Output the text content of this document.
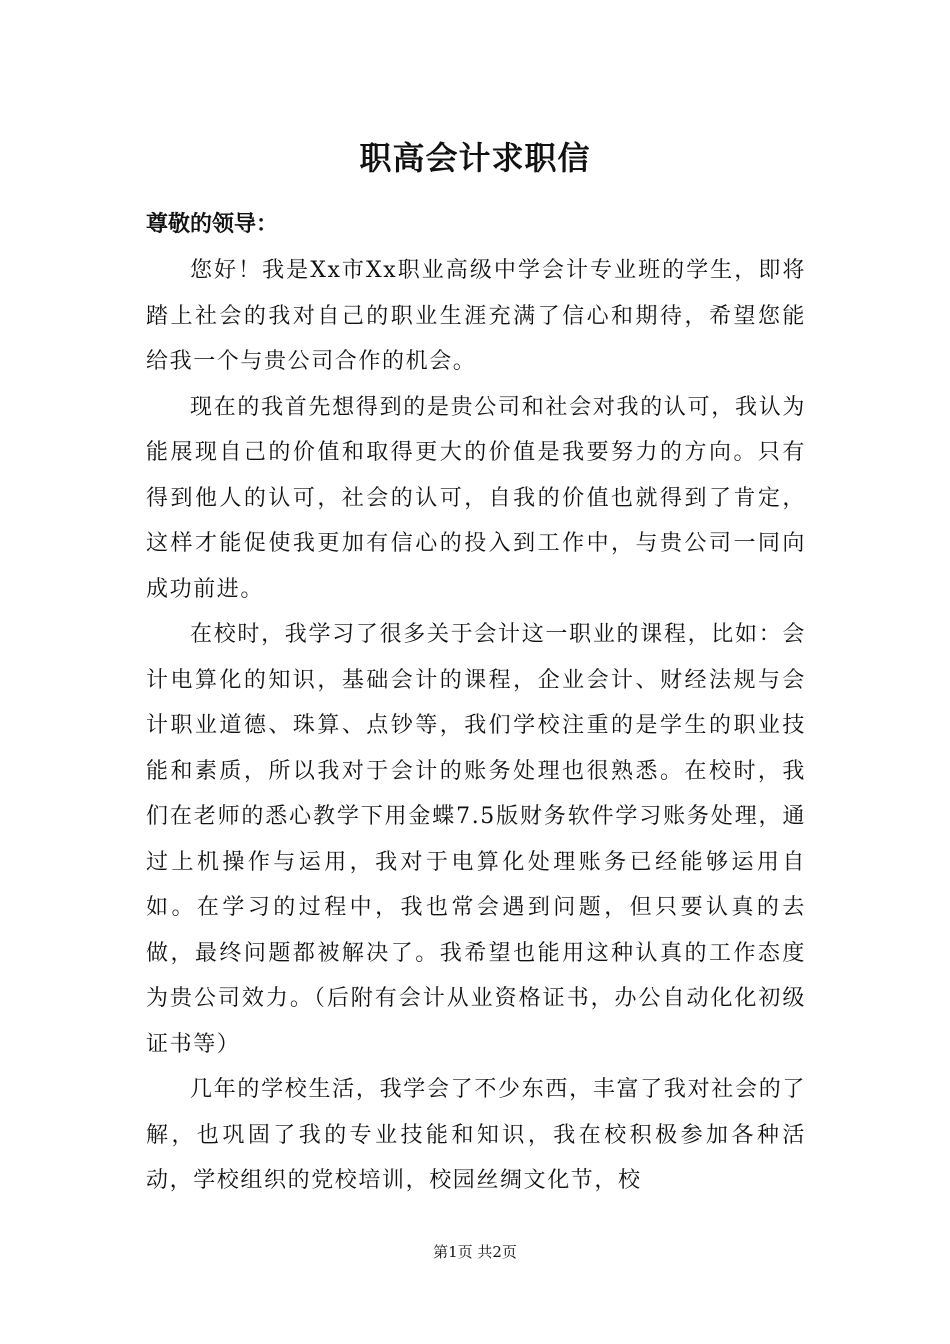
职高会计求职信

尊敬的领导：

您好！我是Xx市Xx职业高级中学会计专业班的学生，即将踏上社会的我对自己的职业生涯充满了信心和期待，希望您能给我一个与贵公司合作的机会。

现在的我首先想得到的是贵公司和社会对我的认可，我认为能展现自己的价值和取得更大的价值是我要努力的方向。只有得到他人的认可，社会的认可，自我的价值也就得到了肯定，这样才能促使我更加有信心的投入到工作中，与贵公司一同向成功前进。

在校时，我学习了很多关于会计这一职业的课程，比如：会计电算化的知识，基础会计的课程，企业会计、财经法规与会计职业道德、珠算、点钞等，我们学校注重的是学生的职业技能和素质，所以我对于会计的账务处理也很熟悉。在校时，我们在老师的悉心教学下用金蝶7.5版财务软件学习账务处理，通过上机操作与运用，我对于电算化处理账务已经能够运用自如。在学习的过程中，我也常会遇到问题，但只要认真的去做，最终问题都被解决了。我希望也能用这种认真的工作态度为贵公司效力。（后附有会计从业资格证书，办公自动化化初级证书等）

几年的学校生活，我学会了不少东西，丰富了我对社会的了解，也巩固了我的专业技能和知识，我在校积极参加各种活动，学校组织的党校培训，校园丝绸文化节，校

第1页 共2页
